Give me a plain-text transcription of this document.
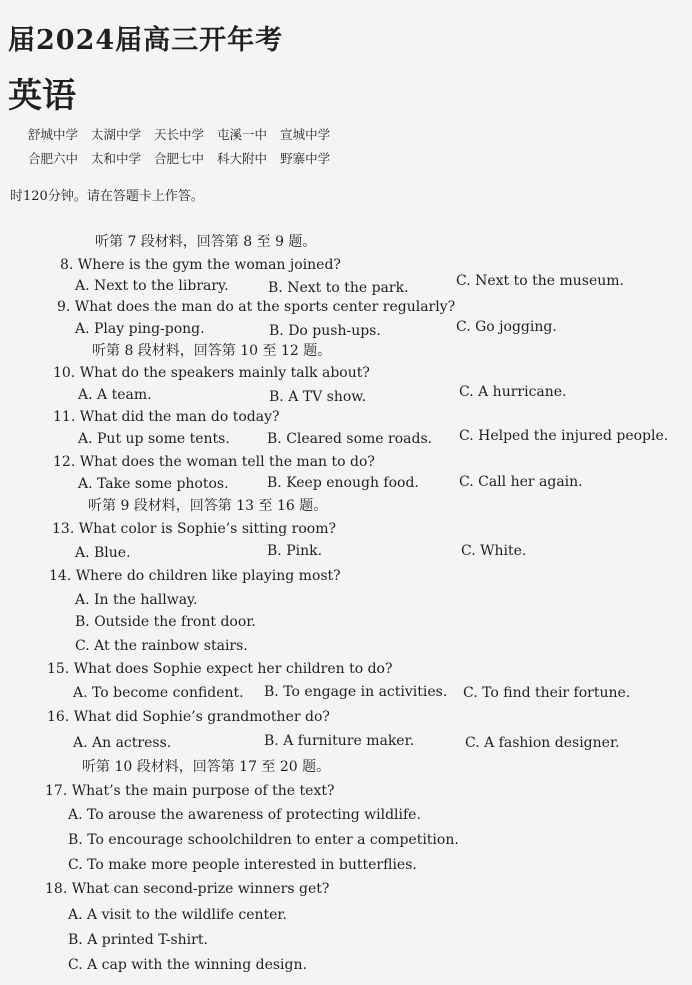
届2024届高三开年考
英语
舒城中学 太湖中学 天长中学 屯溪一中 宣城中学
合肥六中 太和中学 合肥七中 科大附中 野寨中学
时120分钟。请在答题卡上作答。
听第 7 段材料，回答第 8 至 9 题。
8. Where is the gym the woman joined?
A. Next to the library.	B. Next to the park.	C. Next to the museum.
9. What does the man do at the sports center regularly?
A. Play ping-pong.	B. Do push-ups.	C. Go jogging.
听第 8 段材料，回答第 10 至 12 题。
10. What do the speakers mainly talk about?
A. A team.	B. A TV show.	C. A hurricane.
11. What did the man do today?
A. Put up some tents.	B. Cleared some roads. C. Helped the injured people.
12. What does the woman tell the man to do?
A. Take some photos.	B. Keep enough food.	C. Call her again.
听第 9 段材料，回答第 13 至 16 题。
13. What color is Sophie’s sitting room?
A. Blue.	B. Pink.	C. White.
14. Where do children like playing most?
A. In the hallway.
B. Outside the front door.
C. At the rainbow stairs.
15. What does Sophie expect her children to do?
A. To become confident. B. To engage in activities. C. To find their fortune.
16. What did Sophie’s grandmother do?
A. An actress.	B. A furniture maker.	C. A fashion designer.
听第 10 段材料，回答第 17 至 20 题。
17. What’s the main purpose of the text?
A. To arouse the awareness of protecting wildlife.
B. To encourage schoolchildren to enter a competition.
C. To make more people interested in butterflies.
18. What can second-prize winners get?
A. A visit to the wildlife center.
B. A printed T-shirt.
C. A cap with the winning design.
